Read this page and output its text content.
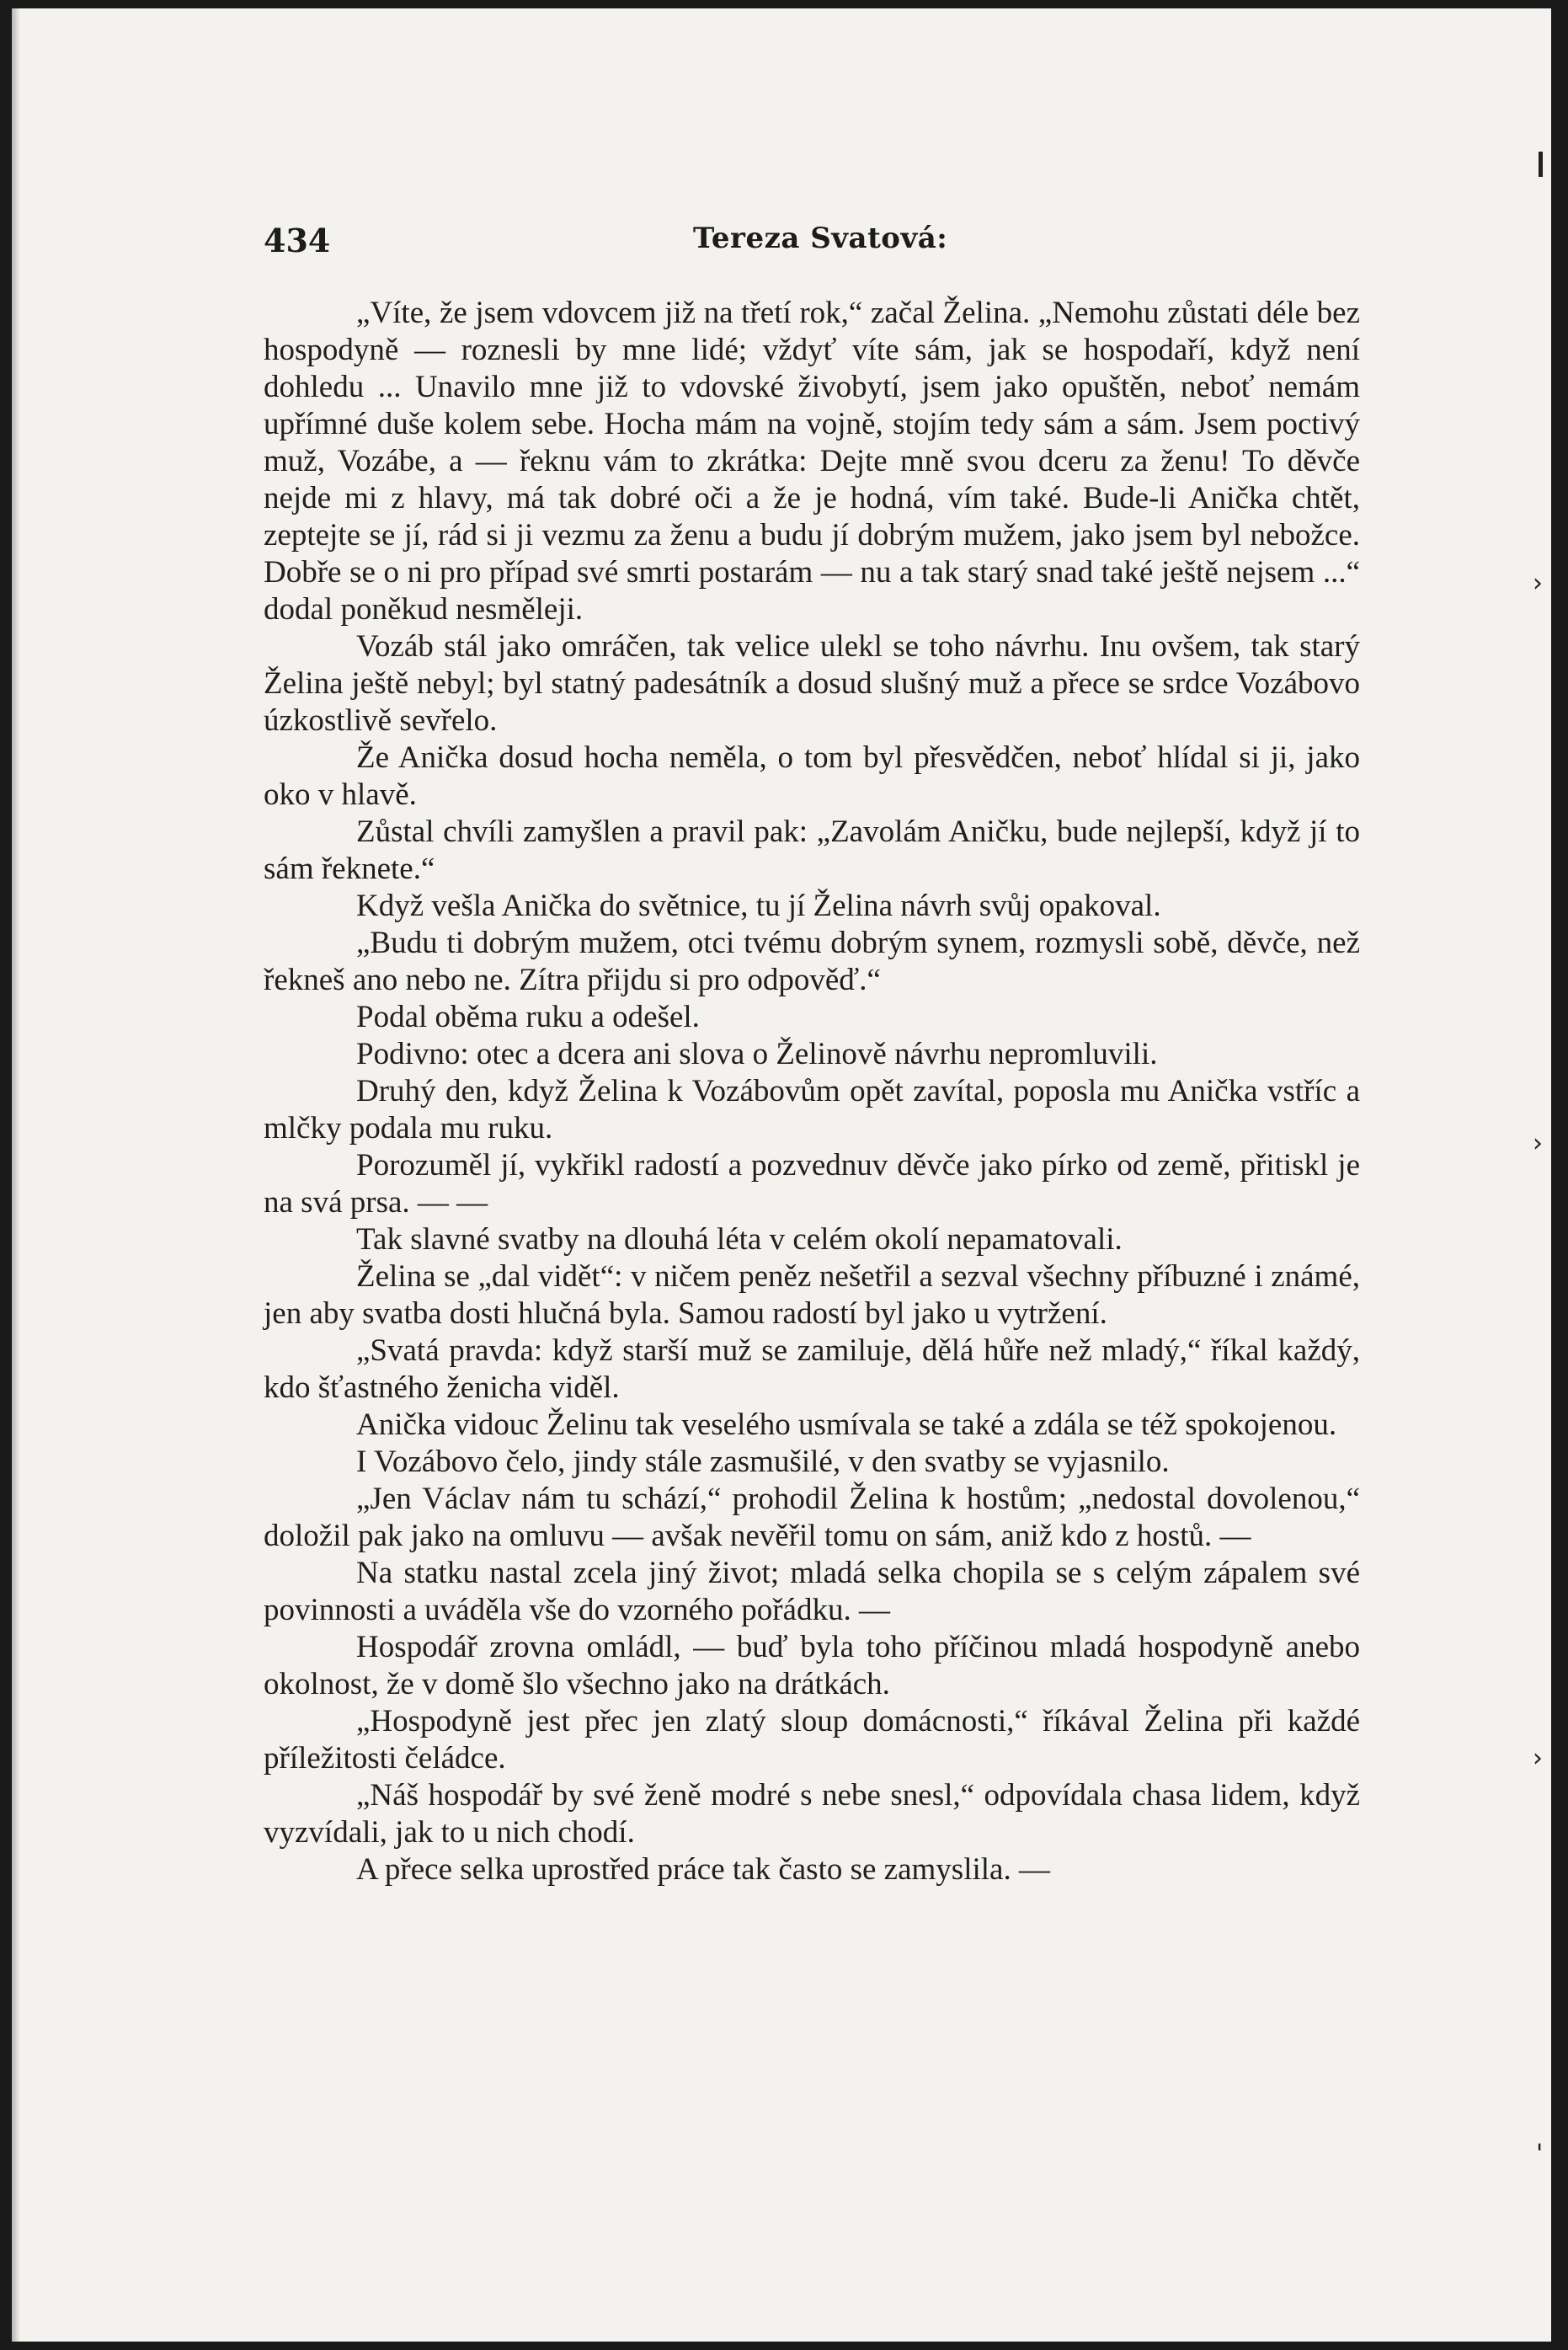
434	Tereza Svatová:

„Víte, že jsem vdovcem již na třetí rok,“ začal Želina. „Nemohu zůstati déle bez hospodyně — roznesli by mne lidé; vždyť víte sám, jak se hospodaří, když není dohledu ... Unavilo mne již to vdovské živobytí, jsem jako opuštěn, neboť nemám upřímné duše kolem sebe. Hocha mám na vojně, stojím tedy sám a sám. Jsem poctivý muž, Vozábe, a — řeknu vám to zkrátka: Dejte mně svou dceru za ženu! To děvče nejde mi z hlavy, má tak dobré oči a že je hodná, vím také. Bude-li Anička chtět, zeptejte se jí, rád si ji vezmu za ženu a budu jí dobrým mužem, jako jsem byl nebožce. Dobře se o ni pro případ své smrti postarám — nu a tak starý snad také ještě nejsem ...“ dodal poněkud nesměleji.

Vozáb stál jako omráčen, tak velice ulekl se toho návrhu. Inu ovšem, tak starý Želina ještě nebyl; byl statný padesátník a dosud slušný muž a přece se srdce Vozábovo úzkostlivě sevřelo.

Že Anička dosud hocha neměla, o tom byl přesvědčen, neboť hlídal si ji, jako oko v hlavě.

Zůstal chvíli zamyšlen a pravil pak: „Zavolám Aničku, bude nejlepší, když jí to sám řeknete.“

Když vešla Anička do světnice, tu jí Želina návrh svůj opakoval.

„Budu ti dobrým mužem, otci tvému dobrým synem, rozmysli sobě, děvče, než řekneš ano nebo ne. Zítra přijdu si pro odpověď.“

Podal oběma ruku a odešel.

Podivno: otec a dcera ani slova o Želinově návrhu nepromluvili.

Druhý den, když Želina k Vozábovům opět zavítal, poposla mu Anička vstříc a mlčky podala mu ruku.

Porozuměl jí, vykřikl radostí a pozvednuv děvče jako pírko od země, přitiskl je na svá prsa. — —

Tak slavné svatby na dlouhá léta v celém okolí nepamatovali.

Želina se „dal vidět“: v ničem peněz nešetřil a sezval všechny příbuzné i známé, jen aby svatba dosti hlučná byla. Samou radostí byl jako u vytržení.

„Svatá pravda: když starší muž se zamiluje, dělá hůře než mladý,“ říkal každý, kdo šťastného ženicha viděl.

Anička vidouc Želinu tak veselého usmívala se také a zdála se též spokojenou.

I Vozábovo čelo, jindy stále zasmušilé, v den svatby se vyjasnilo.

„Jen Václav nám tu schází,“ prohodil Želina k hostům; „nedostal dovolenou,“ doložil pak jako na omluvu — avšak nevěřil tomu on sám, aniž kdo z hostů. —

Na statku nastal zcela jiný život; mladá selka chopila se s celým zápalem své povinnosti a uváděla vše do vzorného pořádku. —

Hospodář zrovna omládl, — buď byla toho příčinou mladá hospodyně anebo okolnost, že v domě šlo všechno jako na drátkách.

„Hospodyně jest přec jen zlatý sloup domácnosti,“ říkával Želina při každé příležitosti čeládce.

„Náš hospodář by své ženě modré s nebe snesl,“ odpovídala chasa lidem, když vyzvídali, jak to u nich chodí.

A přece selka uprostřed práce tak často se zamyslila. —

›
›
›
'
